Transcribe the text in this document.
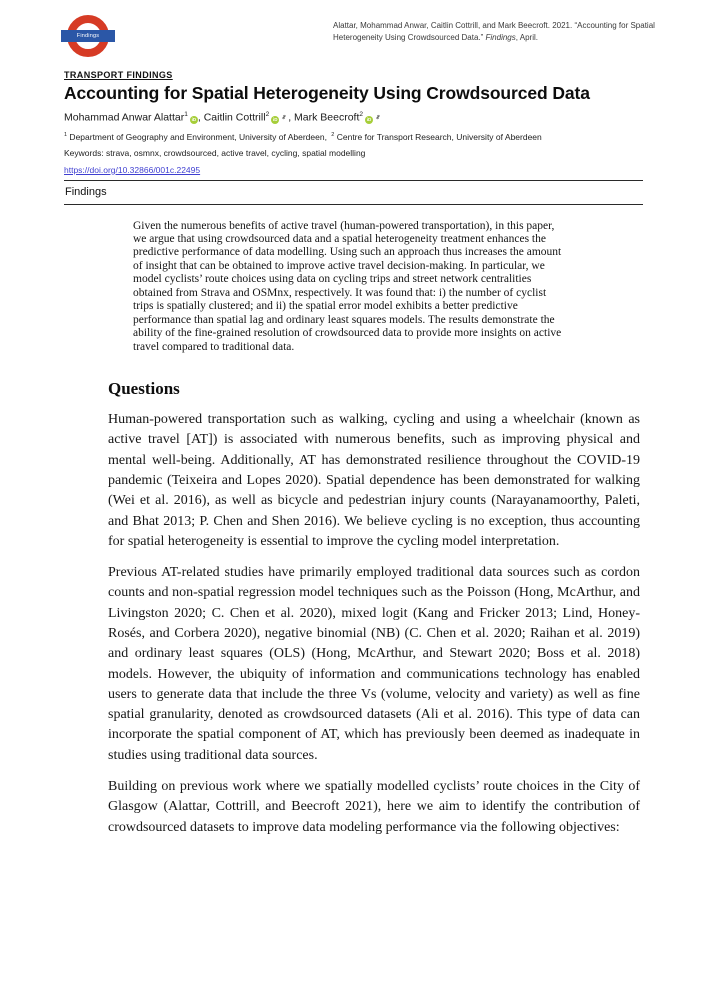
Findings
Alattar, Mohammad Anwar, Caitlin Cottrill, and Mark Beecroft. 2021. “Accounting for Spatial Heterogeneity Using Crowdsourced Data.” Findings, April.
TRANSPORT FINDINGS
Accounting for Spatial Heterogeneity Using Crowdsourced Data
Mohammad Anwar Alattar$^1$iD , Caitlin Cottrill$^2$iD , Mark Beecroft$^2$iD
$^1$ Department of Geography and Environment, University of Aberdeen, $^2$ Centre for Transport Research, University of Aberdeen
Keywords: strava, osmnx, crowdsourced, active travel, cycling, spatial modelling
https://doi.org/10.32866/001c.22495
Findings
Given the numerous benefits of active travel (human-powered transportation), in this paper, we argue that using crowdsourced data and a spatial heterogeneity treatment enhances the predictive performance of data modelling. Using such an approach thus increases the amount of insight that can be obtained to improve active travel decision-making. In particular, we model cyclists’ route choices using data on cycling trips and street network centralities obtained from Strava and OSMnx, respectively. It was found that: i) the number of cyclist trips is spatially clustered; and ii) the spatial error model exhibits a better predictive performance than spatial lag and ordinary least squares models. The results demonstrate the ability of the fine-grained resolution of crowdsourced data to provide more insights on active travel compared to traditional data.
Questions

Human-powered transportation such as walking, cycling and using a wheelchair (known as active travel [AT]) is associated with numerous benefits, such as improving physical and mental well-being. Additionally, AT has demonstrated resilience throughout the COVID-19 pandemic (Teixeira and Lopes 2020). Spatial dependence has been demonstrated for walking (Wei et al. 2016), as well as bicycle and pedestrian injury counts (Narayanamoorthy, Paleti, and Bhat 2013; P. Chen and Shen 2016). We believe cycling is no exception, thus accounting for spatial heterogeneity is essential to improve the cycling model interpretation.

Previous AT-related studies have primarily employed traditional data sources such as cordon counts and non-spatial regression model techniques such as the Poisson (Hong, McArthur, and Livingston 2020; C. Chen et al. 2020), mixed logit (Kang and Fricker 2013; Lind, Honey-Rosés, and Corbera 2020), negative binomial (NB) (C. Chen et al. 2020; Raihan et al. 2019) and ordinary least squares (OLS) (Hong, McArthur, and Stewart 2020; Boss et al. 2018) models. However, the ubiquity of information and communications technology has enabled users to generate data that include the three Vs (volume, velocity and variety) as well as fine spatial granularity, denoted as crowdsourced datasets (Ali et al. 2016). This type of data can incorporate the spatial component of AT, which has previously been deemed as inadequate in studies using traditional data sources.

Building on previous work where we spatially modelled cyclists’ route choices in the City of Glasgow (Alattar, Cottrill, and Beecroft 2021), here we aim to identify the contribution of crowdsourced datasets to improve data modeling performance via the following objectives:
